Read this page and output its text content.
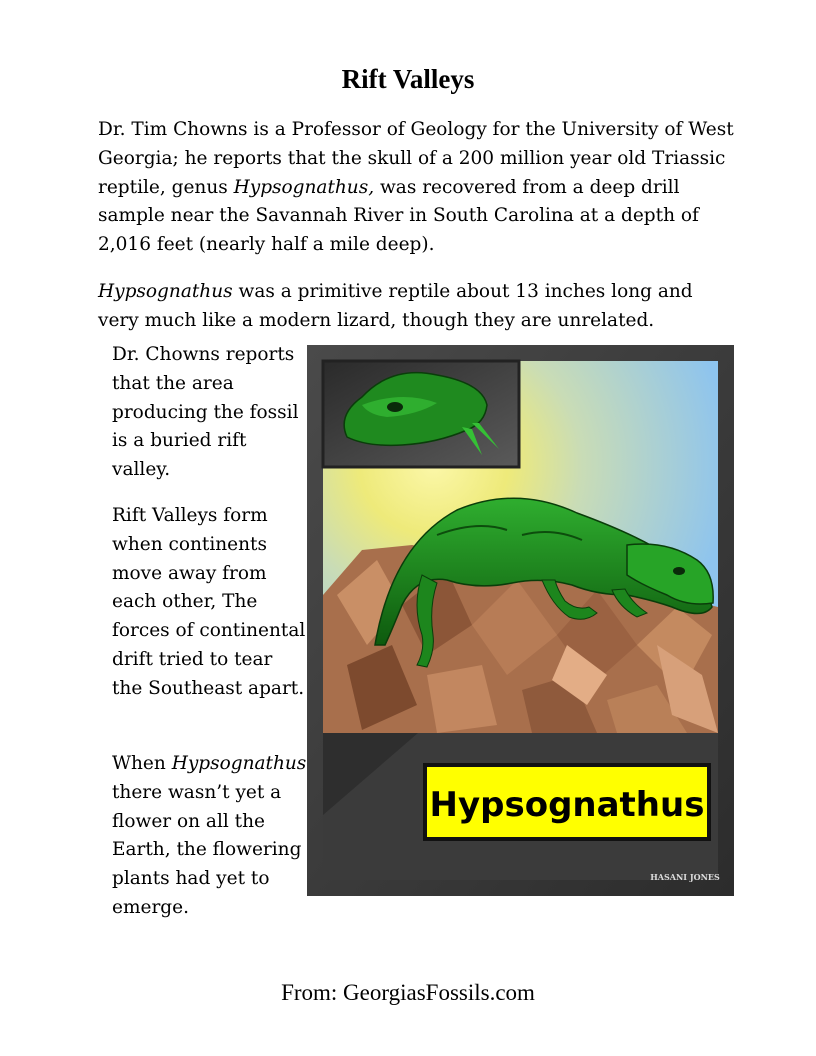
Rift Valleys
Dr. Tim Chowns is a Professor of Geology for the University of West Georgia; he reports that the skull of a 200 million year old Triassic reptile, genus Hypsognathus, was recovered from a deep drill sample near the Savannah River in South Carolina at a depth of 2,016 feet (nearly half a mile deep).
Hypsognathus was a primitive reptile about 13 inches long and very much like a modern lizard, though they are unrelated.
Dr. Chowns reports that the area producing the fossil is a buried rift valley.
Rift Valleys form when continents move away from each other, The forces of continental drift tried to tear the Southeast apart.
When Hypsognathus there wasn’t yet a flower on all the Earth, the flowering plants had yet to emerge.
Hypsognathus
HASANI JONES
From: GeorgiasFossils.com
